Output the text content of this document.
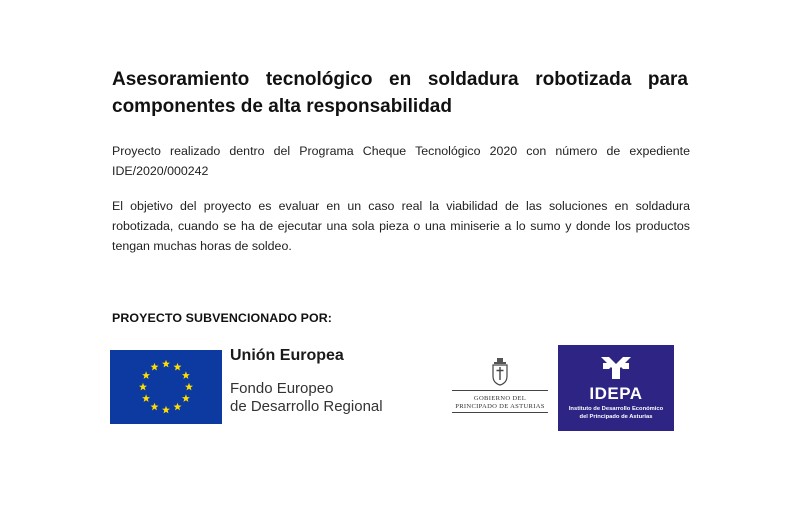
Asesoramiento tecnológico en soldadura robotizada para componentes de alta responsabilidad
Proyecto realizado dentro del Programa Cheque Tecnológico 2020 con número de expediente IDE/2020/000242
El objetivo del proyecto es evaluar en un caso real la viabilidad de las soluciones en soldadura robotizada, cuando se ha de ejecutar una sola pieza o una miniserie a lo sumo y donde los productos tengan muchas horas de soldeo.
PROYECTO SUBVENCIONADO POR:
Unión Europea
Fondo Europeo
de Desarrollo Regional	GOBIERNO DEL
PRINCIPADO DE ASTURIAS
IDEPA
Instituto de Desarrollo Económico
del Principado de Asturias
